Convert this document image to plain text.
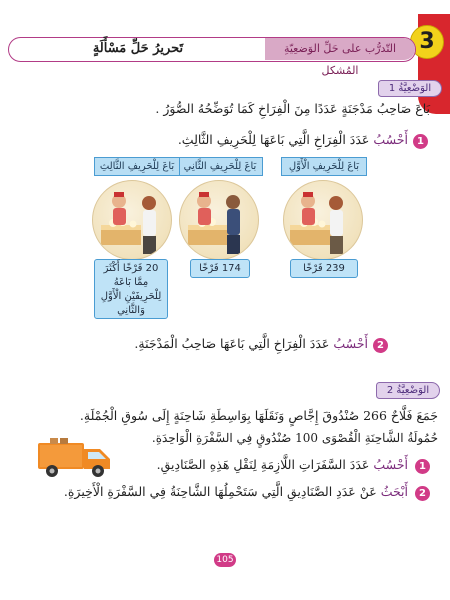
3
التّدرُّب على حَلِّ الوَضعِيّةِ المُشكل
تَحريرُ حَلِّ مَسْأَلَةٍ
الوَضْعِيَّةُ 1
بَاعَ صَاحِبُ مَدْجَنَةٍ عَدَدًا مِنَ الْفِرَاخِ كَمَا تُوَضِّحُهُ الصُّوَرُ .
1
أَحْسُبُ عَدَدَ الْفِرَاخِ الَّتِي بَاعَهَا لِلْحَرِيفِ الثَّالِثِ.
بَاعَ لِلْحَرِيفِ الْأَوَّلِ
بَاعَ لِلْحَرِيفِ الثَّانِي
بَاعَ لِلْحَرِيفِ الثَّالِثِ
239 فَرْخًا
174 فَرْخًا
20 فَرْخًا أَكْثَرَ مِمَّا بَاعَهُ لِلْحَرِيفَيْنِ الْأَوَّلِ وَالثَّانِي
2
أَحْسُبُ عَدَدَ الْفِرَاخِ الَّتِي بَاعَهَا صَاحِبُ الْمَدْجَنَةِ.
الوَضْعِيَّةُ 2
جَمَعَ فَلَّاحٌ 266 صُنْدُوقَ إِجَّاصٍ وَنَقَلَهَا بِوَاسِطَةِ شَاحِنَةٍ إِلَى سُوقِ الْجُمْلَةِ.
حُمُولَةُ الشَّاحِنَةِ الْقُصْوَى 100 صُنْدُوقٍ فِي السَّفْرَةِ الْوَاحِدَةِ.
1
أَحْسُبُ عَدَدَ السَّفَرَاتِ اللَّازِمَةِ لِنَقْلِ هَذِهِ الصَّنَادِيقِ.
2
أَبْحَثُ عَنْ عَدَدِ الصَّنَادِيقِ الَّتِي سَتَحْمِلُهَا الشَّاحِنَةُ فِي السَّفْرَةِ الْأَخِيرَةِ.
105
